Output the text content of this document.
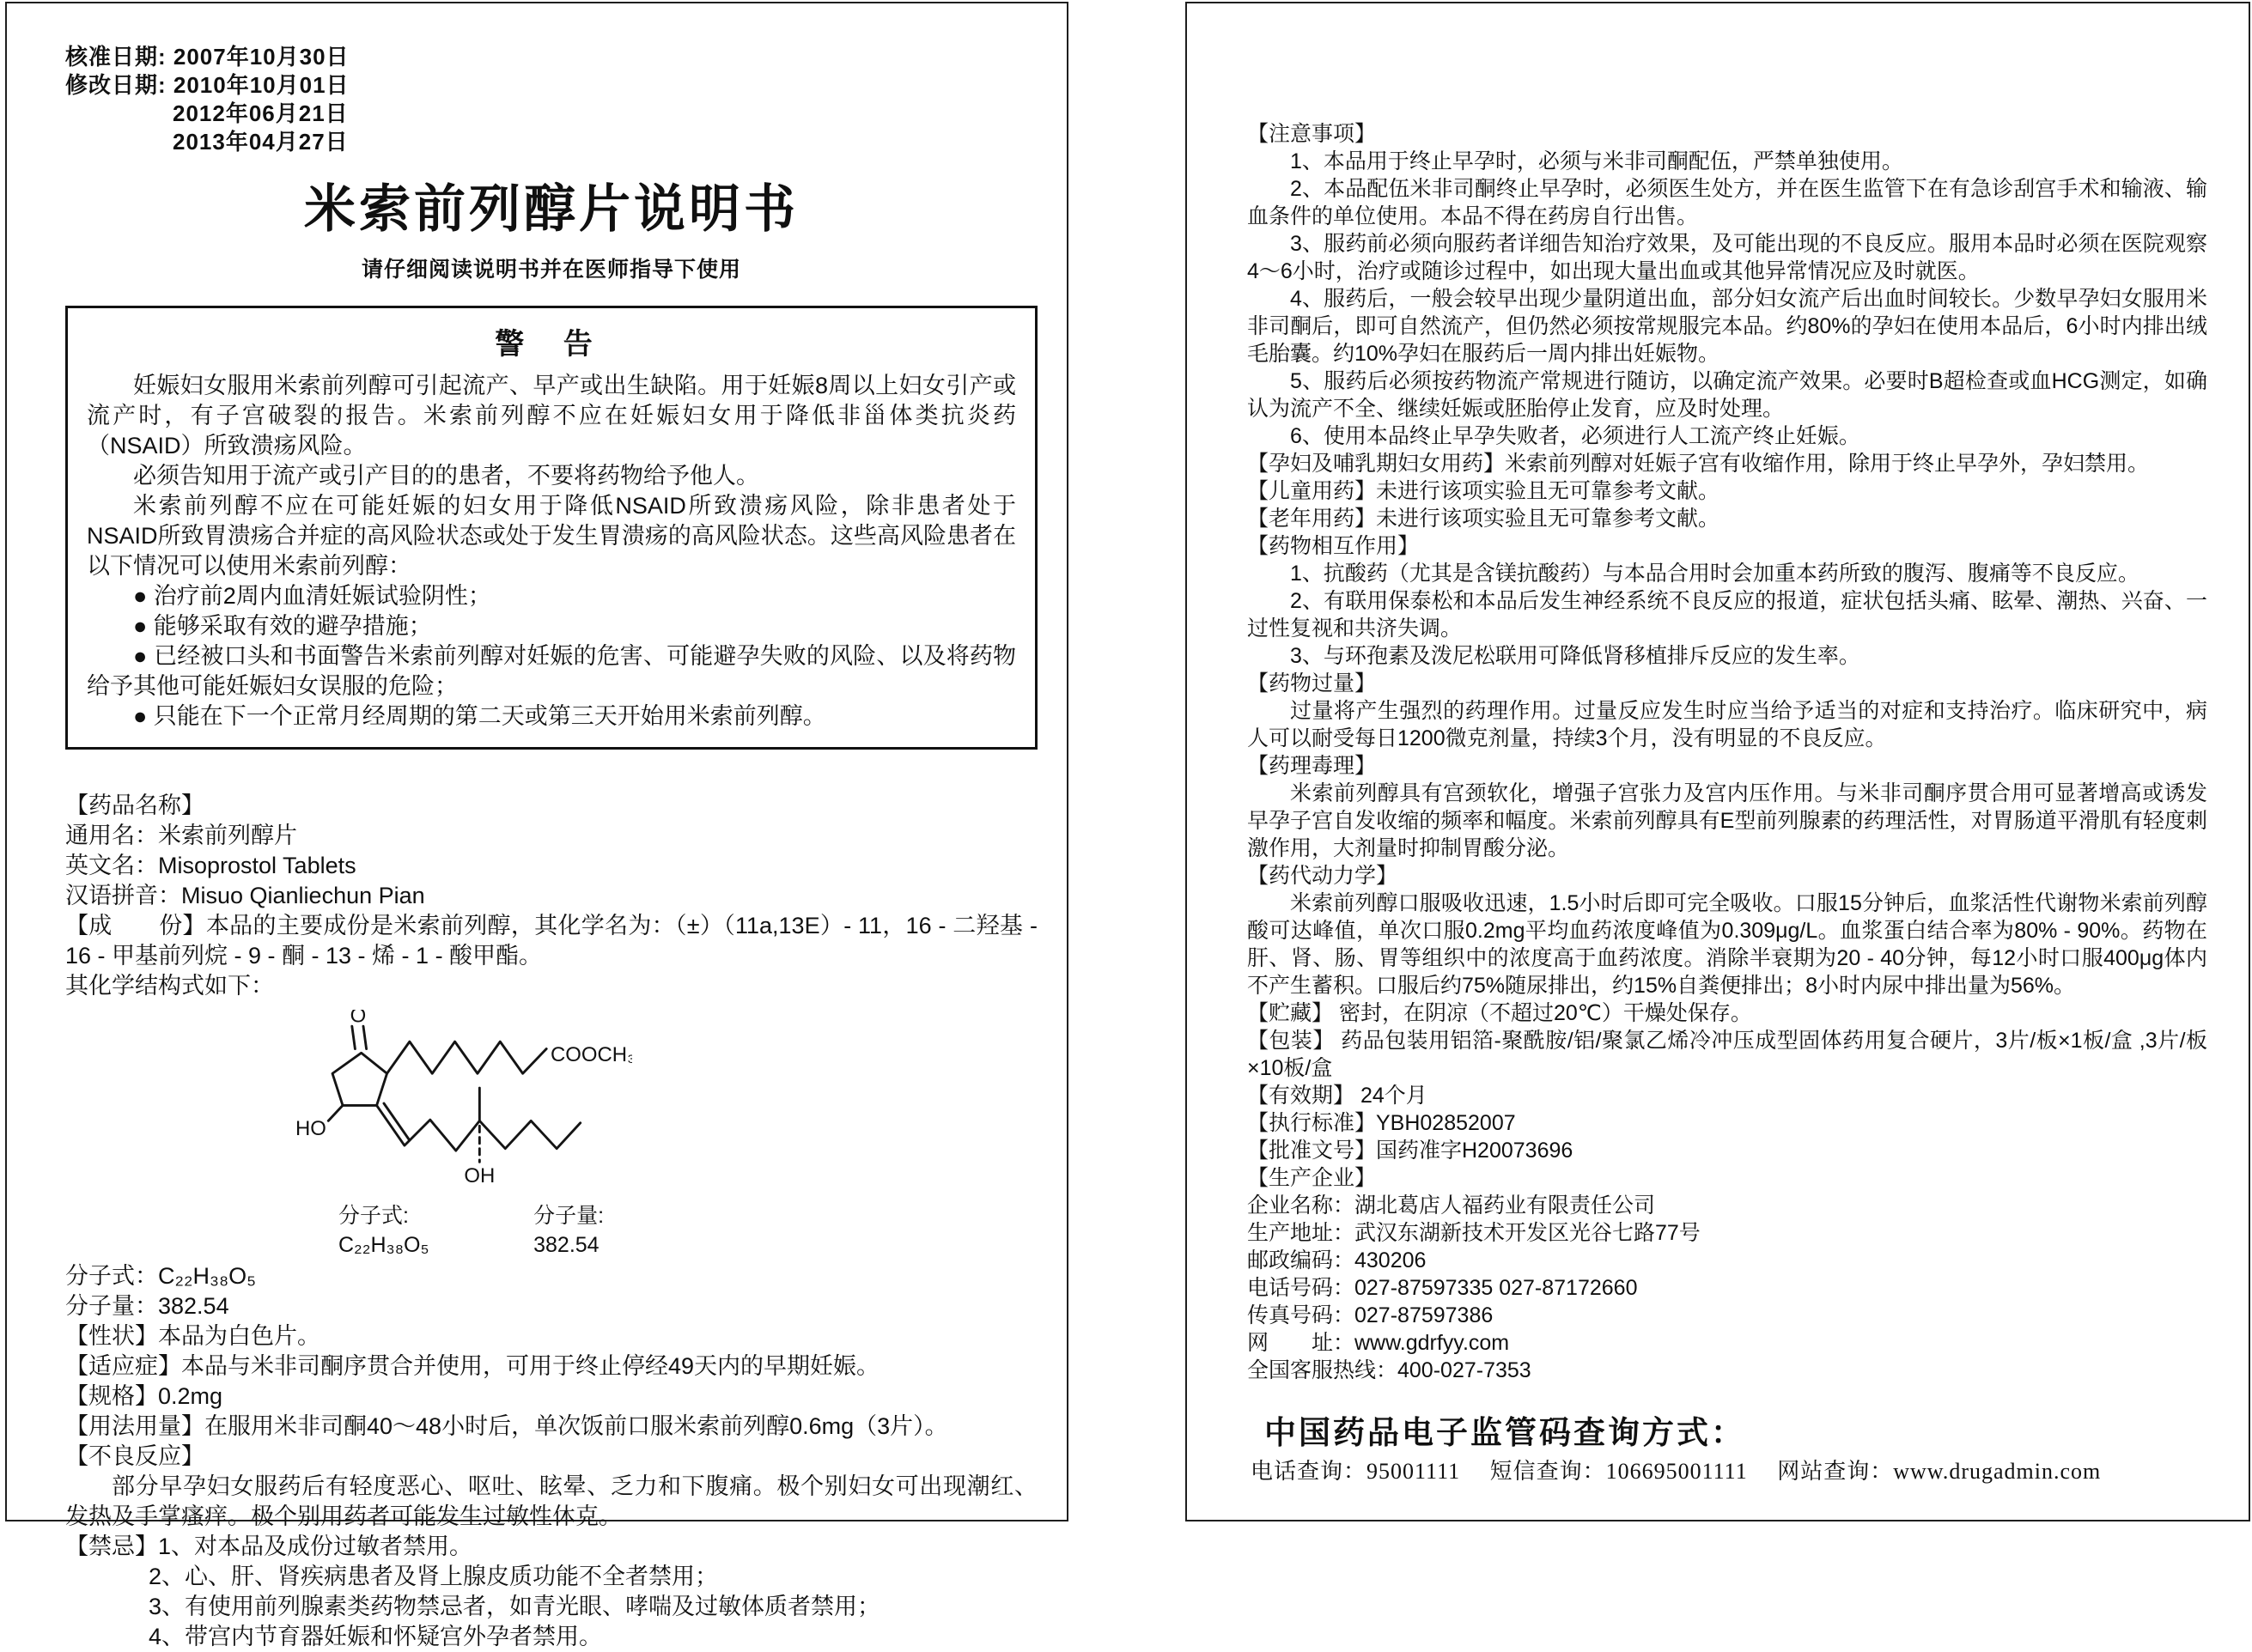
核准日期: 2007年10月30日
修改日期: 2010年10月01日
2012年06月21日
2013年04月27日
米索前列醇片说明书
请仔细阅读说明书并在医师指导下使用
警 告
妊娠妇女服用米索前列醇可引起流产、早产或出生缺陷。用于妊娠8周以上妇女引产或流产时，有子宫破裂的报告。米索前列醇不应在妊娠妇女用于降低非甾体类抗炎药（NSAID）所致溃疡风险。
必须告知用于流产或引产目的的患者，不要将药物给予他人。
米索前列醇不应在可能妊娠的妇女用于降低NSAID所致溃疡风险，除非患者处于NSAID所致胃溃疡合并症的高风险状态或处于发生胃溃疡的高风险状态。这些高风险患者在以下情况可以使用米索前列醇：
● 治疗前2周内血清妊娠试验阴性；
● 能够采取有效的避孕措施；
● 已经被口头和书面警告米索前列醇对妊娠的危害、可能避孕失败的风险、以及将药物给予其他可能妊娠妇女误服的危险；
● 只能在下一个正常月经周期的第二天或第三天开始用米索前列醇。
【药品名称】
通用名：米索前列醇片
英文名：Misoprostol Tablets
汉语拼音：Misuo Qianliechun Pian
【成　　份】本品的主要成份是米索前列醇，其化学名为：（±）（11a,13E）- 11，16 - 二羟基 - 16 - 甲基前列烷 - 9 - 酮 - 13 - 烯 - 1 - 酸甲酯。
其化学结构式如下：
O
COOCH₃
HO
OH
分子式: C₂₂H₃₈O₅
分子量: 382.54
分子式：C₂₂H₃₈O₅
分子量：382.54
【性状】本品为白色片。
【适应症】本品与米非司酮序贯合并使用，可用于终止停经49天内的早期妊娠。
【规格】0.2mg
【用法用量】在服用米非司酮40～48小时后，单次饭前口服米索前列醇0.6mg（3片）。
【不良反应】
部分早孕妇女服药后有轻度恶心、呕吐、眩晕、乏力和下腹痛。极个别妇女可出现潮红、发热及手掌瘙痒。极个别用药者可能发生过敏性休克。
【禁忌】1、对本品及成份过敏者禁用。
2、心、肝、肾疾病患者及肾上腺皮质功能不全者禁用；
3、有使用前列腺素类药物禁忌者，如青光眼、哮喘及过敏体质者禁用；
4、带宫内节育器妊娠和怀疑宫外孕者禁用。
【注意事项】
1、本品用于终止早孕时，必须与米非司酮配伍，严禁单独使用。
2、本品配伍米非司酮终止早孕时，必须医生处方，并在医生监管下在有急诊刮宫手术和输液、输血条件的单位使用。本品不得在药房自行出售。
3、服药前必须向服药者详细告知治疗效果，及可能出现的不良反应。服用本品时必须在医院观察4～6小时，治疗或随诊过程中，如出现大量出血或其他异常情况应及时就医。
4、服药后，一般会较早出现少量阴道出血，部分妇女流产后出血时间较长。少数早孕妇女服用米非司酮后，即可自然流产，但仍然必须按常规服完本品。约80%的孕妇在使用本品后，6小时内排出绒毛胎囊。约10%孕妇在服药后一周内排出妊娠物。
5、服药后必须按药物流产常规进行随访，以确定流产效果。必要时B超检查或血HCG测定，如确认为流产不全、继续妊娠或胚胎停止发育，应及时处理。
6、使用本品终止早孕失败者，必须进行人工流产终止妊娠。
【孕妇及哺乳期妇女用药】米索前列醇对妊娠子宫有收缩作用，除用于终止早孕外，孕妇禁用。
【儿童用药】未进行该项实验且无可靠参考文献。
【老年用药】未进行该项实验且无可靠参考文献。
【药物相互作用】
1、抗酸药（尤其是含镁抗酸药）与本品合用时会加重本药所致的腹泻、腹痛等不良反应。
2、有联用保泰松和本品后发生神经系统不良反应的报道，症状包括头痛、眩晕、潮热、兴奋、一过性复视和共济失调。
3、与环孢素及泼尼松联用可降低肾移植排斥反应的发生率。
【药物过量】
过量将产生强烈的药理作用。过量反应发生时应当给予适当的对症和支持治疗。临床研究中，病人可以耐受每日1200微克剂量，持续3个月，没有明显的不良反应。
【药理毒理】
米索前列醇具有宫颈软化，增强子宫张力及宫内压作用。与米非司酮序贯合用可显著增高或诱发早孕子宫自发收缩的频率和幅度。米索前列醇具有E型前列腺素的药理活性，对胃肠道平滑肌有轻度刺激作用，大剂量时抑制胃酸分泌。
【药代动力学】
米索前列醇口服吸收迅速，1.5小时后即可完全吸收。口服15分钟后，血浆活性代谢物米索前列醇酸可达峰值，单次口服0.2mg平均血药浓度峰值为0.309μg/L。血浆蛋白结合率为80% - 90%。药物在肝、肾、肠、胃等组织中的浓度高于血药浓度。消除半衰期为20 - 40分钟，每12小时口服400μg体内不产生蓄积。口服后约75%随尿排出，约15%自粪便排出；8小时内尿中排出量为56%。
【贮藏】 密封，在阴凉（不超过20℃）干燥处保存。
【包装】 药品包装用铝箔-聚酰胺/铝/聚氯乙烯冷冲压成型固体药用复合硬片，3片/板×1板/盒 ,3片/板×10板/盒
【有效期】 24个月
【执行标准】YBH02852007
【批准文号】国药准字H20073696
【生产企业】
企业名称：湖北葛店人福药业有限责任公司
生产地址：武汉东湖新技术开发区光谷七路77号
邮政编码：430206
电话号码：027-87597335 027-87172660
传真号码：027-87597386
网　　址：www.gdrfyy.com
全国客服热线：400-027-7353
中国药品电子监管码查询方式：
电话查询：95001111　 短信查询：106695001111　 网站查询：www.drugadmin.com
